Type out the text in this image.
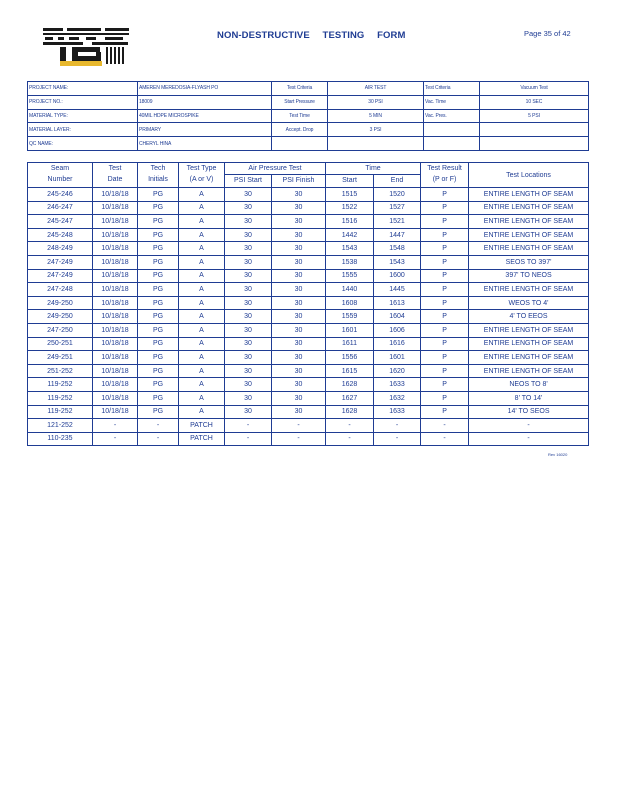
NON-DESTRUCTIVE TESTING FORM	Page 35 of 42
PROJECT NAME:	AMEREN MEREDOSIA-FLYASH PO	Test Criteria	AIR TEST	Test Criteria	Vacuum Test
PROJECT NO.:	18009	Start Pressure	30 PSI	Vac. Time	10 SEC
MATERIAL TYPE:	40MIL HDPE MICROSPIKE	Test Time	5 MIN	Vac. Pres.	5 PSI
MATERIAL LAYER:	PRIMARY	Accept. Drop	3 PSI		
QC NAME:	CHERYL HINA				
Seam	Test	Tech	Test Type	Air Pressure Test		Time		Test Result	Test Locations
Number	Date	Initials	(A or V)	PSI Start	PSI Finish	Start	End	(P or F)	
245-246	10/18/18	PG	A	30	30	1515	1520	P	ENTIRE LENGTH OF SEAM
246-247	10/18/18	PG	A	30	30	1522	1527	P	ENTIRE LENGTH OF SEAM
245-247	10/18/18	PG	A	30	30	1516	1521	P	ENTIRE LENGTH OF SEAM
245-248	10/18/18	PG	A	30	30	1442	1447	P	ENTIRE LENGTH OF SEAM
248-249	10/18/18	PG	A	30	30	1543	1548	P	ENTIRE LENGTH OF SEAM
247-249	10/18/18	PG	A	30	30	1538	1543	P	SEOS TO 397'
247-249	10/18/18	PG	A	30	30	1555	1600	P	397' TO NEOS
247-248	10/18/18	PG	A	30	30	1440	1445	P	ENTIRE LENGTH OF SEAM
249-250	10/18/18	PG	A	30	30	1608	1613	P	WEOS TO 4'
249-250	10/18/18	PG	A	30	30	1559	1604	P	4' TO EEOS
247-250	10/18/18	PG	A	30	30	1601	1606	P	ENTIRE LENGTH OF SEAM
250-251	10/18/18	PG	A	30	30	1611	1616	P	ENTIRE LENGTH OF SEAM
249-251	10/18/18	PG	A	30	30	1556	1601	P	ENTIRE LENGTH OF SEAM
251-252	10/18/18	PG	A	30	30	1615	1620	P	ENTIRE LENGTH OF SEAM
119-252	10/18/18	PG	A	30	30	1628	1633	P	NEOS TO 8'
119-252	10/18/18	PG	A	30	30	1627	1632	P	8' TO 14'
119-252	10/18/18	PG	A	30	30	1628	1633	P	14' TO SEOS
121-252	-	-	PATCH	-	-	-	-	-	-
110-235	-	-	PATCH	-	-	-	-	-	-
Rev 16020
